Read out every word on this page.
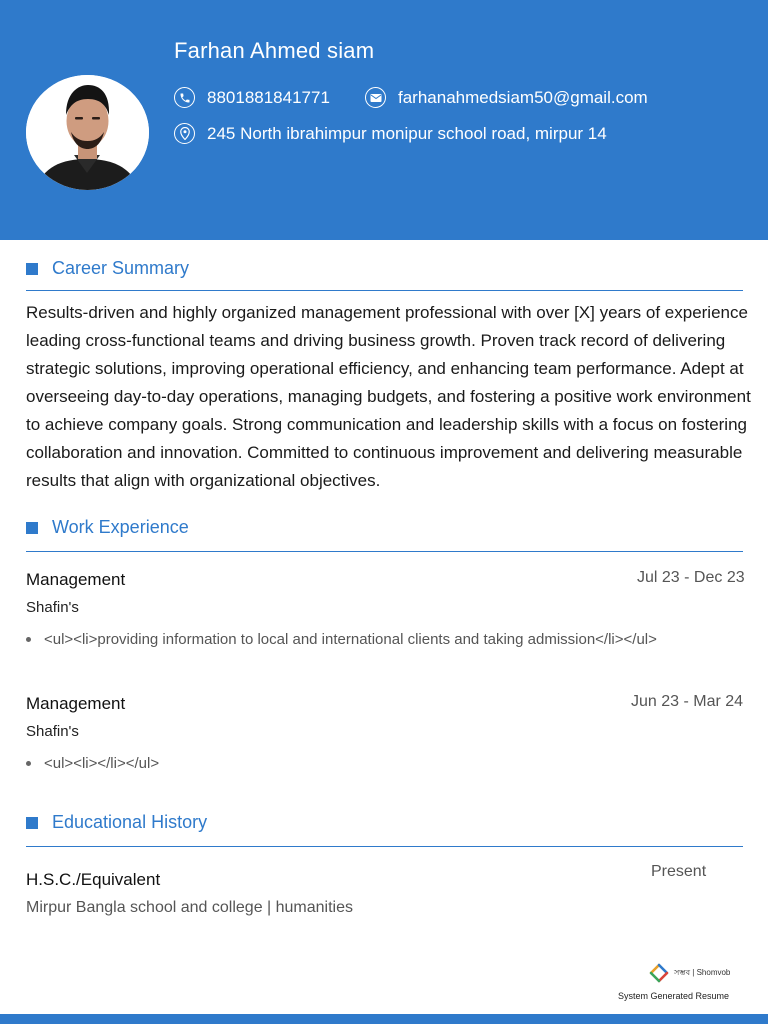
Farhan Ahmed siam
8801881841771	farhanahmedsiam50@gmail.com
245 North ibrahimpur monipur school road, mirpur 14
Career Summary
Results-driven and highly organized management professional with over [X] years of experience leading cross-functional teams and driving business growth. Proven track record of delivering strategic solutions, improving operational efficiency, and enhancing team performance. Adept at overseeing day-to-day operations, managing budgets, and fostering a positive work environment to achieve company goals. Strong communication and leadership skills with a focus on fostering collaboration and innovation. Committed to continuous improvement and delivering measurable results that align with organizational objectives.
Work Experience
Management	Jul 23 - Dec 23
Shafin's
<ul><li>providing information to local and international clients and taking admission</li></ul>
Management	Jun 23 - Mar 24
Shafin's
<ul><li></li></ul>
Educational History
H.S.C./Equivalent	Present
Mirpur Bangla school and college | humanities
সম্ভব | Shomvob
System Generated Resume
